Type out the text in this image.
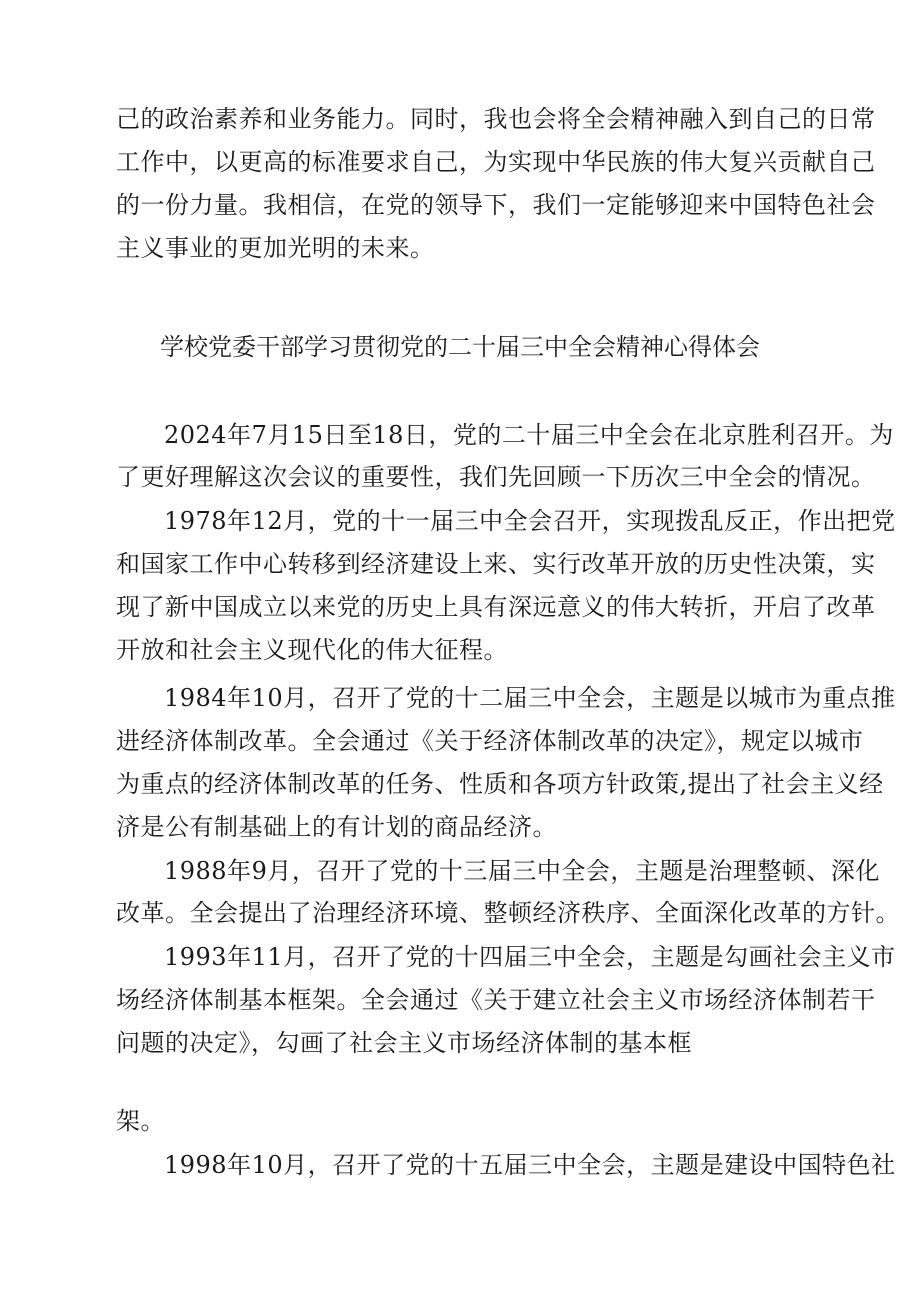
己的政治素养和业务能力。同时，我也会将全会精神融入到自己的日常
工作中，以更高的标准要求自己，为实现中华民族的伟大复兴贡献自己
的一份力量。我相信，在党的领导下，我们一定能够迎来中国特色社会
主义事业的更加光明的未来。
学校党委干部学习贯彻党的二十届三中全会精神心得体会
2024年7月15日至18日，党的二十届三中全会在北京胜利召开。为
了更好理解这次会议的重要性，我们先回顾一下历次三中全会的情况。
1978年12月，党的十一届三中全会召开，实现拨乱反正，作出把党
和国家工作中心转移到经济建设上来、实行改革开放的历史性决策，实
现了新中国成立以来党的历史上具有深远意义的伟大转折，开启了改革
开放和社会主义现代化的伟大征程。
1984年10月，召开了党的十二届三中全会，主题是以城市为重点推
进经济体制改革。全会通过《关于经济体制改革的决定》，规定以城市
为重点的经济体制改革的任务、性质和各项方针政策,提出了社会主义经
济是公有制基础上的有计划的商品经济。
1988年9月，召开了党的十三届三中全会，主题是治理整顿、深化
改革。全会提出了治理经济环境、整顿经济秩序、全面深化改革的方针。
1993年11月，召开了党的十四届三中全会，主题是勾画社会主义市
场经济体制基本框架。全会通过《关于建立社会主义市场经济体制若干
问题的决定》，勾画了社会主义市场经济体制的基本框
架。
1998年10月，召开了党的十五届三中全会，主题是建设中国特色社
